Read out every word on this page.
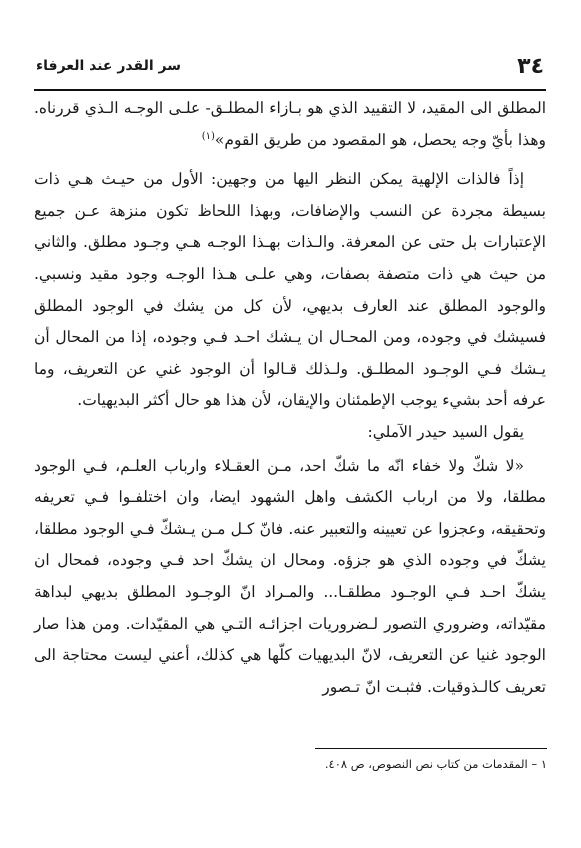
٣٤
سر القدر عند العرفاء

المطلق الى المقيد، لا التقييد الذي هو بـازاء المطلـق- علـى الوجـه الـذي قررناه. وهذا بأيّ وجه يحصل، هو المقصود من طريق القوم»$^{(١)}$

إذاً فالذات الإلهية يمكن النظر اليها من وجهين: الأول من حيـث هـي ذات بسيطة مجردة عن النسب والإضافات، وبهذا اللحاظ تكون منزهة عـن جميع الإعتبارات بل حتى عن المعرفة. والـذات بهـذا الوجـه هـي وجـود مطلق. والثاني من حيث هي ذات متصفة بصفات، وهي علـى هـذا الوجـه وجود مقيد ونسبي. والوجود المطلق عند العارف بديهي، لأن كل من يشك في الوجود المطلق فسيشك في وجوده، ومن المحـال ان يـشك احـد فـي وجوده، إذا من المحال أن يـشك فـي الوجـود المطلـق. ولـذلك قـالوا أن الوجود غني عن التعريف، وما عرفه أحد بشيء يوجب الإطمئنان والإيقان، لأن هذا هو حال أكثر البديهيات.

يقول السيد حيدر الآملي:

«لا شكّ ولا خفاء انّه ما شكّ احد، مـن العقـلاء وارباب العلـم، فـي الوجود مطلقا، ولا من ارباب الكشف واهل الشهود ايضا، وان اختلفـوا فـي تعريفه وتحقيقه، وعجزوا عن تعيينه والتعبير عنه. فانّ كـل مـن يـشكّ فـي الوجود مطلقا، يشكّ في وجوده الذي هو جزؤه. ومحال ان يشكّ احد فـي وجوده، فمحال ان يشكّ احـد فـي الوجـود مطلقـا... والمـراد انّ الوجـود المطلق بديهي لبداهة مقيّداته، وضروري التصور لـضروريات اجزائـه التـي هي المقيّدات. ومن هذا صار الوجود غنيا عن التعريف، لانّ البديهيات كلّها هي كذلك، أعني ليست محتاجة الى تعريف كالـذوقيات. فثبـت انّ تـصور

١ – المقدمات من كتاب نص النصوص، ص ٤٠٨.
